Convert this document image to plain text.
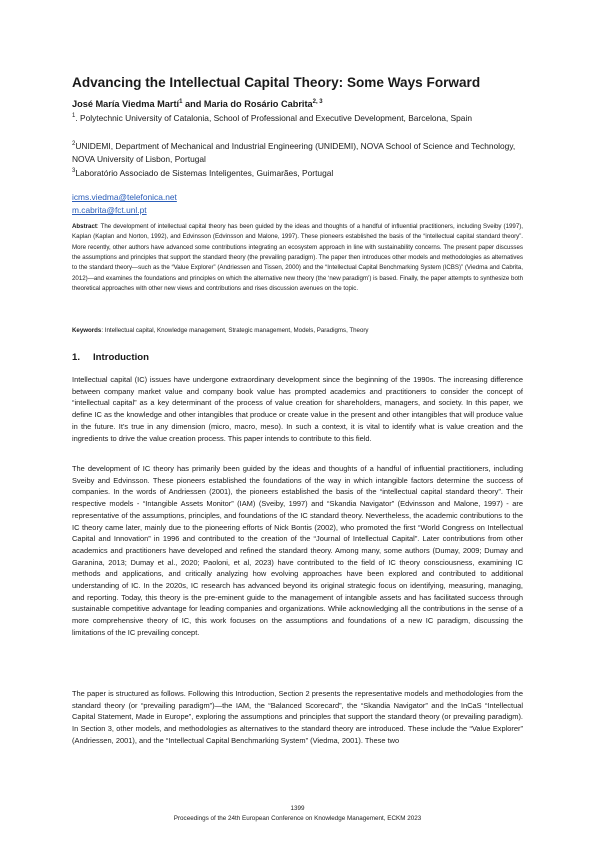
Advancing the Intellectual Capital Theory: Some Ways Forward
José María Viedma Martí$^1$ and Maria do Rosário Cabrita$^{2, 3}$
$^1$. Polytechnic University of Catalonia, School of Professional and Executive Development, Barcelona, Spain
$^2$UNIDEMI, Department of Mechanical and Industrial Engineering (UNIDEMI), NOVA School of Science and Technology, NOVA University of Lisbon, Portugal
$^3$Laboratório Associado de Sistemas Inteligentes, Guimarães, Portugal
icms.viedma@telefonica.net
m.cabrita@fct.unl.pt
Abstract: The development of intellectual capital theory has been guided by the ideas and thoughts of a handful of influential practitioners, including Sveiby (1997), Kaplan (Kaplan and Norton, 1992), and Edvinsson (Edvinsson and Malone, 1997). These pioneers established the basis of the “intellectual capital standard theory”. More recently, other authors have advanced some contributions integrating an ecosystem approach in line with sustainability concerns. The present paper discusses the assumptions and principles that support the standard theory (the prevailing paradigm). The paper then introduces other models and methodologies as alternatives to the standard theory—such as the “Value Explorer” (Andriessen and Tissen, 2000) and the “Intellectual Capital Benchmarking System (ICBS)” (Viedma and Cabrita, 2012)—and examines the foundations and principles on which the alternative new theory (the ‘new paradigm’) is based. Finally, the paper attempts to synthesize both theoretical approaches with other new views and contributions and rises discussion avenues on the topic.
Keywords: Intellectual capital, Knowledge management, Strategic management, Models, Paradigms, Theory
1. Introduction

Intellectual capital (IC) issues have undergone extraordinary development since the beginning of the 1990s. The increasing difference between company market value and company book value has prompted academics and practitioners to consider the concept of “intellectual capital” as a key determinant of the process of value creation for shareholders, managers, and society. In this paper, we define IC as the knowledge and other intangibles that produce or create value in the present and other intangibles that will produce value in the future. It’s true in any dimension (micro, macro, meso). In such a context, it is vital to identify what is value creation and the ingredients to drive the value creation process. This paper intends to contribute to this field.

The development of IC theory has primarily been guided by the ideas and thoughts of a handful of influential practitioners, including Sveiby and Edvinsson. These pioneers established the foundations of the way in which intangible factors determine the success of companies. In the words of Andriessen (2001), the pioneers established the basis of the “intellectual capital standard theory”. Their respective models - “Intangible Assets Monitor” (IAM) (Sveiby, 1997) and “Skandia Navigator” (Edvinsson and Malone, 1997) - are representative of the assumptions, principles, and foundations of the IC standard theory. Nevertheless, the academic contributions to the IC theory came later, mainly due to the pioneering efforts of Nick Bontis (2002), who promoted the first “World Congress on Intellectual Capital and Innovation” in 1996 and contributed to the creation of the “Journal of Intellectual Capital”. Later contributions from other academics and practitioners have developed and refined the standard theory. Among many, some authors (Dumay, 2009; Dumay and Garanina, 2013; Dumay et al., 2020; Paoloni, et al, 2023) have contributed to the field of IC theory consciousness, examining IC methods and applications, and critically analyzing how evolving approaches have been explored and contributed to additional understanding of IC. In the 2020s, IC research has advanced beyond its original strategic focus on identifying, measuring, managing, and reporting. Today, this theory is the pre-eminent guide to the management of intangible assets and has facilitated success through sustainable competitive advantage for leading companies and organizations. While acknowledging all the contributions in the sense of a more comprehensive theory of IC, this work focuses on the assumptions and foundations of a new IC paradigm, discussing the limitations of the IC prevailing concept.

The paper is structured as follows. Following this Introduction, Section 2 presents the representative models and methodologies from the standard theory (or “prevailing paradigm”)—the IAM, the “Balanced Scorecard”, the “Skandia Navigator” and the InCaS “Intellectual Capital Statement, Made in Europe”, exploring the assumptions and principles that support the standard theory (or prevailing paradigm). In Section 3, other models, and methodologies as alternatives to the standard theory are introduced. These include the “Value Explorer” (Andriessen, 2001), and the “Intellectual Capital Benchmarking System” (Viedma, 2001). These two

1399
Proceedings of the 24th European Conference on Knowledge Management, ECKM 2023
